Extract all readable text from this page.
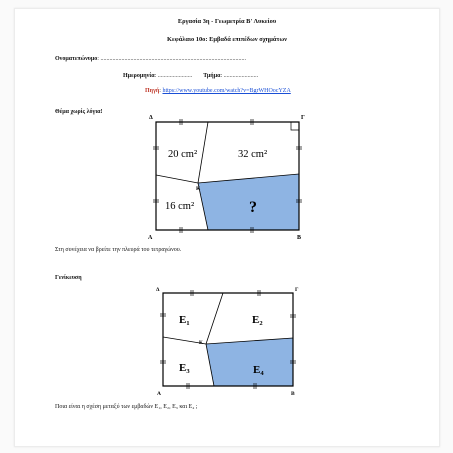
Εργασία 3η - Γεωμετρία Β' Λυκείου
Κεφάλαιο 10ο: Εμβαδά επιπέδων σχημάτων
Ονοματεπώνυμο: .................................................................................................
Ημερομηνία: ....................... Τμήμα: .......................
Πηγή: https://www.youtube.com/watch?v=BgrWHOocYZA
Θέμα χωρίς λόγια!
Δ	Γ
Α	Β
Κ
20 cm²	32 cm²
16 cm²	?
Στη συνέχεια να βρείτε την πλευρά του τετραγώνου.
Γενίκευση
Δ	Γ
Α	Β
Κ
Ε₁	Ε₂
Ε₃	Ε₄
Ποια είναι η σχέση μεταξύ των εμβαδών Ε₁, Ε₂, Ε₃ και Ε₄ ;
